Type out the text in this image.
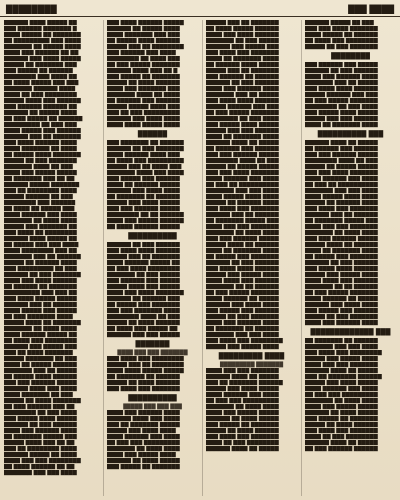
████████	███ ████
██████ ████ █████ ██
███ ██████ ███████ █
████ █████ ██ ███████
██ █████████ ███ ████
███████ ██ █████ ████
████ ███ ██████ ██ ██
██████ ███ ████ █████
█████ ██ ███████ ███
███ █████ ██ ██████
████████ ███ ████ ██
██ ████ █████ ███ ███
███████ ██████ ████
████ ██ ███ ████████
█████ ████ ███ ██████
███ ██████ ██████ ██
██████ ██ █████ ████
██ ███ █████ ██ ██████
█████████ ██ ███ ███
████ █████ ███ ██████
██████ ███ ██ ███████
███ ████ ██████ ████
████ ███████ ██ ████
██ █████ ████ ███████
█████ ██ ███ ███████
███████ ████ ██ ███
████ ███ █████ █████
██ ███████ ███ ██ ██
██████ █████ ███████
███ ██ ████████ ████
█████ ██████ ██ ███
████████ ███ ██████
██ ████ ██ █████ ███
████ ██████ ███ ████
███████ ██ ████ ████
█████ ███ ███████ ██
███ ████ ██ ████████
██████ ████ █████ ██
██ █████ ███ ███ ████
████ ████████ ███ ██
███████ ███ ██ ██████
█████ ██ ██████ ████
███ █████████ ██ ███
██████ ██ ███ ███████
████ ███ ████ ██████
██ ██████ ██ ███████
█████████ ███ ███ ██
███ ████ █████ █████
██████ ███ ██ ██████
████ █████ ███ █████
██ ███ ███████ ████
█████ ████ ██ ███████
███████ ██ ████ ████
████ ██████ █████ ██
██ ████ ███ ████████
██████ ███ █████ ███
███ ██ ████ ███████
█████ ███████ ██ ███
████ ██ █████ ██████
███████ ███ ██ █████
██ █████ ████ ██████
███ ███ ██████ █████
██████ ████ ███ ████
████ ███████ ██ ███
█████ ██ ████ ███████
██ ███ ██████ ███ ██
████████ ██ ███ ████
███ █████ ████ █████
██████ ██ ███ ██████
████ ███ ██████ ████
██ ███████ █████ ███
█████ ████ ███ ██ ██
███ ██ ████████ ████
██████ █████ ██ ████
████ ███ ███ ████████
██ ████ ██████ ██ ██
███████ ███ ███ ████
███ ████ ██████ █████
██████ ██ █████ ████
████ ███████ ███ ███
██ █████ ████ ██████
█████ ███ ██ ████████
███ ██████ ███ ████
████████ ██ ████ ███
██ ███ █████ ███████
██████ ████ ███ ██ █
███ █████ ██ ███████
█████ ██ ████ ██████
████ ███ ███████ ███
███████ ████ ██ ████
██ ██████ ███ ██████
█████ █████ ████ ███
███ ██ ███ █████████
██████ ███ ████ ████
████ ████ █████ ████
██████
███ ███████ ██ ██████
██████ ██ ███ ███████
████ ██████ ████ ███
██ ████ ███ █████████
█████ ███ ██ ████ ███
███████ ████ ███ ████
███ █████ ███ ██████
████ ██ ██████ █████
██████ ███ ████ ████
██ ███████ ██ ██████
█████ ███ ████ █████
███ ███ ██████ █████
████████ ██ ██ ██████
████ ███ █████ ██████
██ ████ ██████ █████
██████████
██████ ██ ███ ██████
███ ████ ████ ██████
█████ ███ ██ ███████
████ ██████ █████ ██
██ ███ ████ ████████
███████ ██ ███ █████
███ ██████ ███ █████
█████ ████ ███ █████
████ ███ ████ ███████
██████ ██ ██████ ███
██ █████ ███ ███████
███ ███ ███████ ████
████████ ████ ██ ███
█████ ██ ████ ██████
██ ████ ███ █████ ██
██████ ███ ███ █████
███████
████ ███ ███ ███████
███ ████ ███ ████████
█████ ███ ██ ████████
████ ████ █████ █████
██ ███████ ██ ██████
█████ ██ ████ ██████
███ ████ ███ ███████
██████████
█████ ███ ███ ███
████ ███ ██████ ████
██████ ████ ███ ████
███ ██ ███████ █████
█████ ███ ████ ████
████ ██████ ███ ████
██ ███ ███ █████████
███████ ██ ████ ████
████ ███ █████ ████
██████ ██ ████ █████
███ █████ ██ ███████
█████ ███ ██ ███████
██ ████ █████ ██████
████ ███ ████ ██████
███████ ██ ███ █████
██████ ███ █████ ███
███ ████ ███ ███████
████ ██ ███████ ████
██ ██████ ████ █████
█████ ███ ██ ███████
███ ██████ ██ ██████
██████ ██ ███ ██████
████ ███ ██████ ████
███████ ███ ██ █████
███ ████ ████ ██████
█████ ██████ ███ ███
██ ███ █████ ███████
████████ ██ ███ ████
███ █████ ████ █████
█████ ███ ███ ██████
████ ██ ███████ ████
██████ ████ ██ █████
██ ██████ ███ ██████
███ ███ ██████ █████
████████ ████ ██ ███
█████ ██ █████ █████
███ ███ ████ ███████
████ ██████ ███ ████
██ ███ ██ ██████████
███████ ███ ███ ████
████ █████ ████ ████
█████ ██ ██████ ████
███ ████ ███ ███████
██████ ███ ██ ██████
██ ███████ █████ ███
████ ███ ███ ███████
███████ ██ ████ ████
███ ███ ██████ █████
█████ ████ ██ ██████
████ ██ ███████ ████
██ █████ ███ ███████
██████ ██ ███ ██████
███ ████ ████ ██████
█████ ███ █████ ████
████ ████ ███ ██████
███████ ██ ██ ██████
██ ███ █████ ███████
████ ██████ ██ █████
██████ ███ ████ ████
███ █████ ███ ██████
█████ ██ ███ ███████
████ ███ ██████ ████
██ ███████ ██ ██████
███████ ███ ███ ████
███ ████ ███ ████████
█████ ███ █████ ████
█████████ ████
█████████ ███████
████ ███ ███ ███████
██████ ████ ██ █████
███ ██ ███████ ██████
█████ ███ ████ █████
████ ██████ ███ ████
██ ███ ███ █████████
███████ ██ ████ ████
████ ███ █████ █████
██████ ██ ████ █████
███ █████ ██ ███████
█████ ██ ████ ██████
███ ████ ███ ███████
████ ██ ███ ████████
██████ ████ ██ █████
██████ █████ ██ ███
███ ███ ████ ███████
████ █████ ██ ██████
██ ████ ███ ████████
█████ ██ ███ ███████
████████
███ ██████ ███ █████
██████ ██ ███ ██████
████ ███ ██████ ████
███████ ███ ██ █████
███ ████ ████ ██████
█████ ██████ ███ ███
██ ███ █████ ███████
████████ ██ ███ ████
███ █████ ████ █████
█████ ███ ███ ██████
████ ██ ███████ ████
██████████ ███
██████ ████ ██ █████
██ ██████ ███ ██████
███ ███ ██████ █████
████████ ████ ██ ███
█████ ██ █████ █████
███ ███ ████ ███████
████ ██████ ███ ████
██ ███ ██ ██████████
███████ ███ ███ ████
████ █████ ████ ████
█████ ██ ██████ ████
███ ████ ███ ███████
██████ ███ ██ ██████
██ ███████ █████ ███
████ ███ ███ ███████
███████ ██ ████ ████
███ ███ ██████ █████
█████ ████ ██ ██████
████ ██ ███████ ████
██ █████ ███ ███████
██████ ██ ███ ██████
███ ████ ████ ██████
█████ ███ █████ ████
████ ████ ███ ██████
███████ ██ ██ ██████
██ ███ █████ ███████
████ ██████ ██ █████
██████ ███ ████ ████
███ █████ ███ ██████
█████ ██ ███ ███████
████ ███ ██████ ████
█████████████ ███
██ ███████ ██ ██████
███████ ███ ███ ████
███ ████ ███ ████████
█████ ███ █████ ████
████ ███ ███ ███████
██████ ████ ██ █████
███ ██ ███████ ██████
█████ ███ ████ █████
████ ██████ ███ ████
██ ███ ███ █████████
███████ ██ ████ ████
████ ███ █████ █████
██████ ██ ████ █████
███ █████ ██ ███████
█████ ██ ████ ██████
███ ████ ███ ███████
████ ██ ███ ████████
██████ ████ ██ █████
██ ███ ██████ ██████
